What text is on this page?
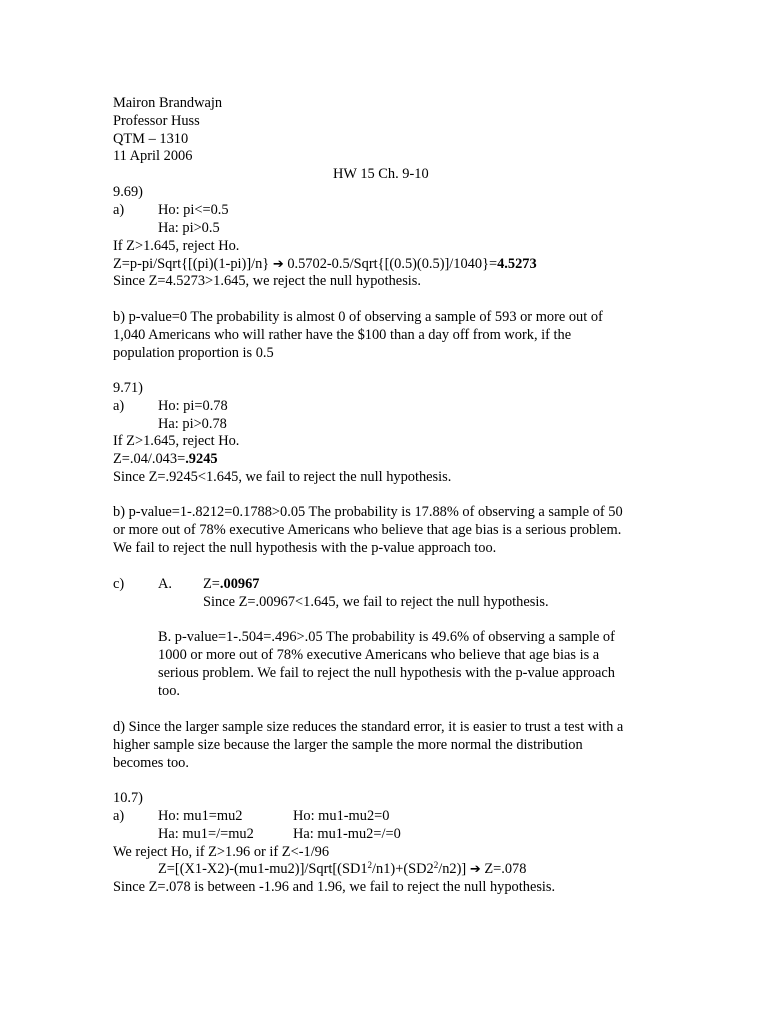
Mairon Brandwajn
Professor Huss
QTM – 1310
11 April 2006
HW 15 Ch. 9-10
9.69)
a) Ho: pi<=0.5
Ha: pi>0.5
If Z>1.645, reject Ho.
Z=p-pi/Sqrt{[(pi)(1-pi)]/n} ➔ 0.5702-0.5/Sqrt{[(0.5)(0.5)]/1040}=4.5273
Since Z=4.5273>1.645, we reject the null hypothesis.
b) p-value=0 The probability is almost 0 of observing a sample of 593 or more out of
1,040 Americans who will rather have the $100 than a day off from work, if the
population proportion is 0.5
9.71)
a) Ho: pi=0.78
Ha: pi>0.78
If Z>1.645, reject Ho.
Z=.04/.043=.9245
Since Z=.9245<1.645, we fail to reject the null hypothesis.
b) p-value=1-.8212=0.1788>0.05 The probability is 17.88% of observing a sample of 50
or more out of 78% executive Americans who believe that age bias is a serious problem.
We fail to reject the null hypothesis with the p-value approach too.
c) A. Z=.00967
Since Z=.00967<1.645, we fail to reject the null hypothesis.
B. p-value=1-.504=.496>.05 The probability is 49.6% of observing a sample of
1000 or more out of 78% executive Americans who believe that age bias is a
serious problem. We fail to reject the null hypothesis with the p-value approach
too.
d) Since the larger sample size reduces the standard error, it is easier to trust a test with a
higher sample size because the larger the sample the more normal the distribution
becomes too.
10.7)
a) Ho: mu1=mu2	Ho: mu1-mu2=0
Ha: mu1=/=mu2	Ha: mu1-mu2=/=0
We reject Ho, if Z>1.96 or if Z<-1/96
$Z=[(X1-X2)-(mu1-mu2)]/Sqrt[(SD1^2/n1)+(SD2^2/n2)]$ ➔ Z=.078
Since Z=.078 is between -1.96 and 1.96, we fail to reject the null hypothesis.
